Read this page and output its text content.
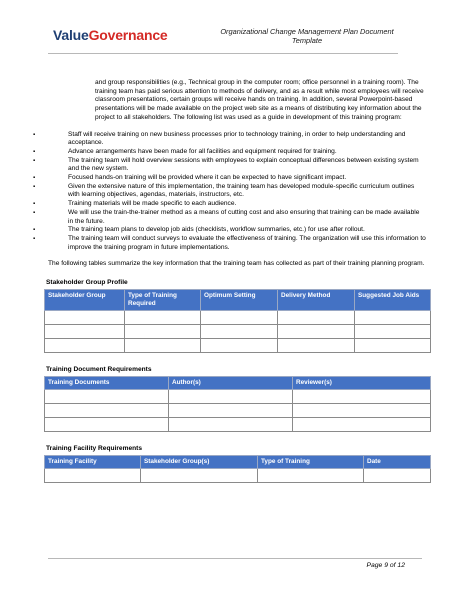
ValueGovernance	Organizational Change Management Plan Document
Template

and group responsibilities (e.g., Technical group in the computer room; office personnel in a training room). The training team has paid serious attention to methods of delivery, and as a result while most employees will receive classroom presentations, certain groups will receive hands on training. In addition, several Powerpoint-based presentations will be made available on the project web site as a means of distributing key information about the project to all stakeholders. The following list was used as a guide in development of this training program:

▪ Staff will receive training on new business processes prior to technology training, in order to help understanding and acceptance.
▪ Advance arrangements have been made for all facilities and equipment required for training.
▪ The training team will hold overview sessions with employees to explain conceptual differences between existing system and the new system.
▪ Focused hands-on training will be provided where it can be expected to have significant impact.
▪ Given the extensive nature of this implementation, the training team has developed module-specific curriculum outlines with learning objectives, agendas, materials, instructors, etc.
▪ Training materials will be made specific to each audience.
▪ We will use the train-the-trainer method as a means of cutting cost and also ensuring that training can be made available in the future.
▪ The training team plans to develop job aids (checklists, workflow summaries, etc.) for use after rollout.
▪ The training team will conduct surveys to evaluate the effectiveness of training. The organization will use this information to improve the training program in future implementations.

The following tables summarize the key information that the training team has collected as part of their training planning program.

Stakeholder Group Profile
Stakeholder Group	Type of Training Required	Optimum Setting	Delivery Method	Suggested Job Aids

Training Document Requirements
Training Documents	Author(s)	Reviewer(s)

Training Facility Requirements
Training Facility	Stakeholder Group(s)	Type of Training	Date

Page 9 of 12
